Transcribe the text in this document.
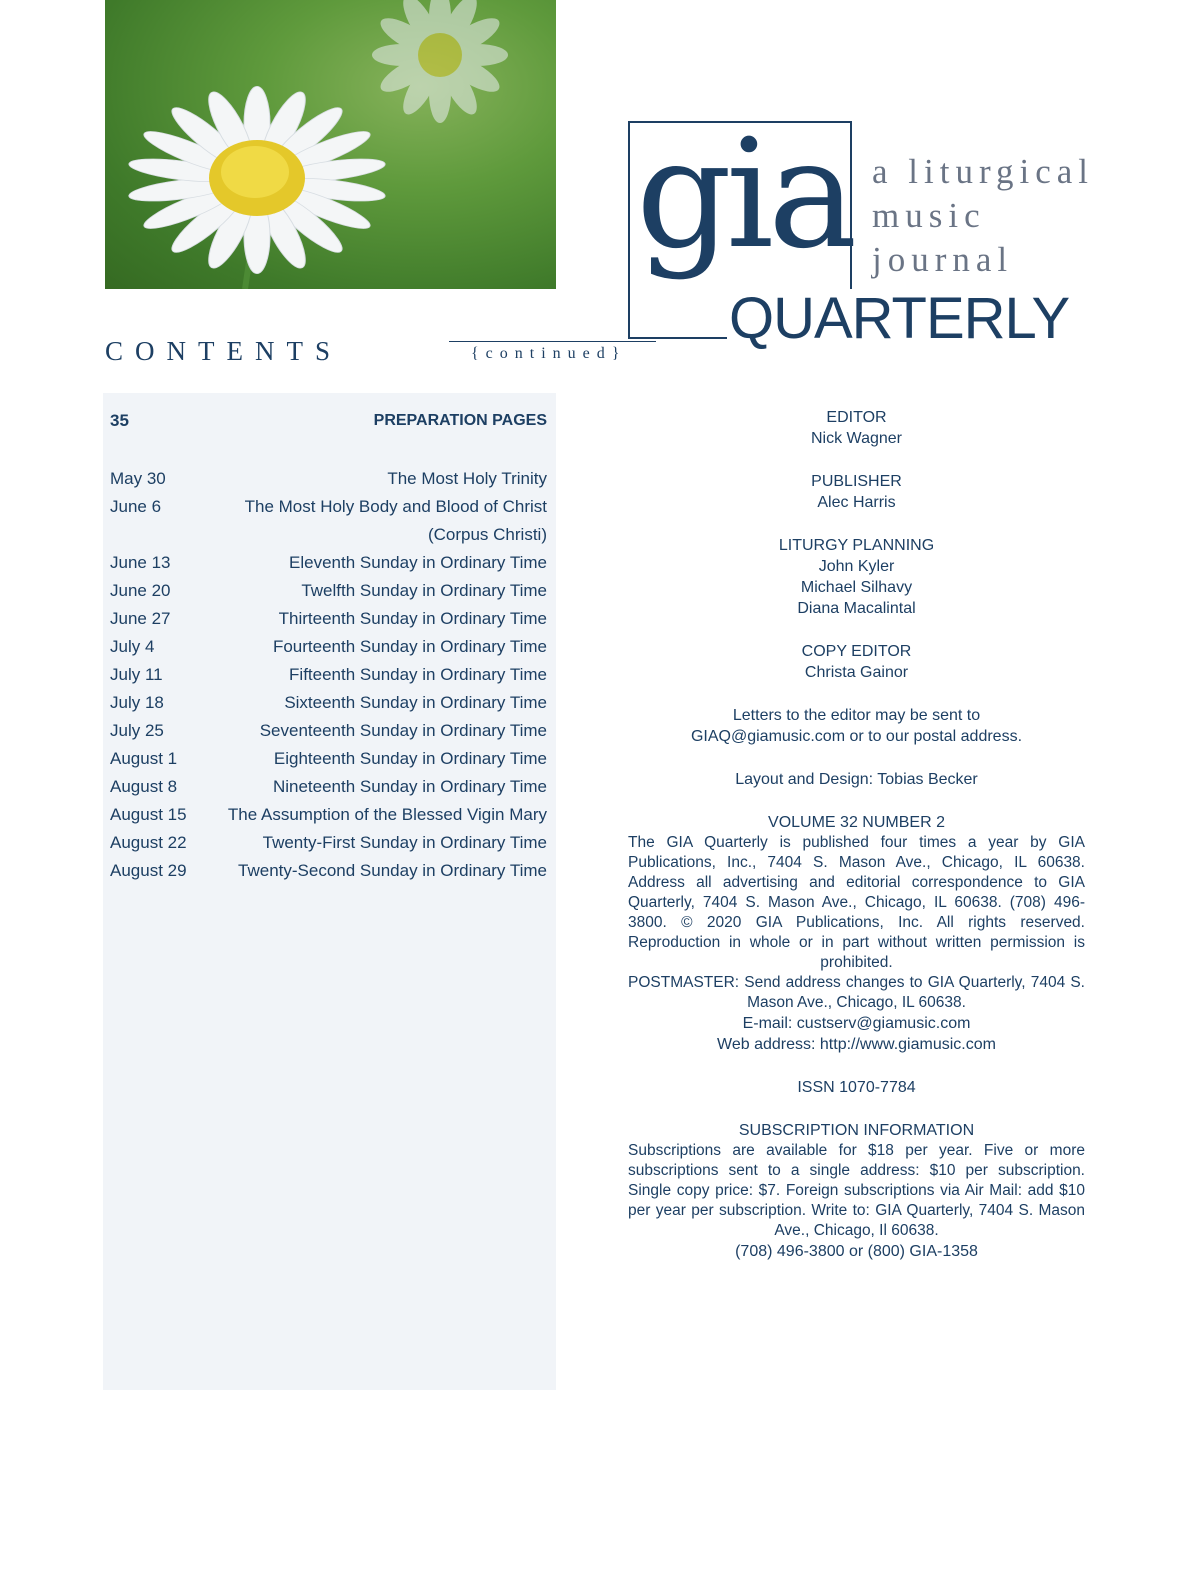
CONTENTS	{continued}
35	PREPARATION PAGES
May 30	The Most Holy Trinity
June 6	The Most Holy Body and Blood of Christ
(Corpus Christi)
June 13	Eleventh Sunday in Ordinary Time
June 20	Twelfth Sunday in Ordinary Time
June 27	Thirteenth Sunday in Ordinary Time
July 4	Fourteenth Sunday in Ordinary Time
July 11	Fifteenth Sunday in Ordinary Time
July 18	Sixteenth Sunday in Ordinary Time
July 25	Seventeenth Sunday in Ordinary Time
August 1	Eighteenth Sunday in Ordinary Time
August 8	Nineteenth Sunday in Ordinary Time
August 15	The Assumption of the Blessed Vigin Mary
August 22	Twenty-First Sunday in Ordinary Time
August 29	Twenty-Second Sunday in Ordinary Time
gia
QUARTERLY
a liturgical
music
journal
EDITOR
Nick Wagner
PUBLISHER
Alec Harris
LITURGY PLANNING
John Kyler
Michael Silhavy
Diana Macalintal
COPY EDITOR
Christa Gainor
Letters to the editor may be sent to
GIAQ@giamusic.com or to our postal address.
Layout and Design: Tobias Becker
VOLUME 32 NUMBER 2
The GIA Quarterly is published four times a year by GIA Publications, Inc., 7404 S. Mason Ave., Chicago, IL 60638. Address all advertising and editorial correspondence to GIA Quarterly, 7404 S. Mason Ave., Chicago, IL 60638. (708) 496-3800. © 2020 GIA Publications, Inc. All rights reserved. Reproduction in whole or in part without written permission is prohibited.
POSTMASTER: Send address changes to GIA Quarterly, 7404 S. Mason Ave., Chicago, IL 60638.
E-mail: custserv@giamusic.com
Web address: http://www.giamusic.com
ISSN 1070-7784
SUBSCRIPTION INFORMATION
Subscriptions are available for $18 per year. Five or more subscriptions sent to a single address: $10 per subscription. Single copy price: $7. Foreign subscriptions via Air Mail: add $10 per year per subscription. Write to: GIA Quarterly, 7404 S. Mason Ave., Chicago, Il 60638.
(708) 496-3800 or (800) GIA-1358
